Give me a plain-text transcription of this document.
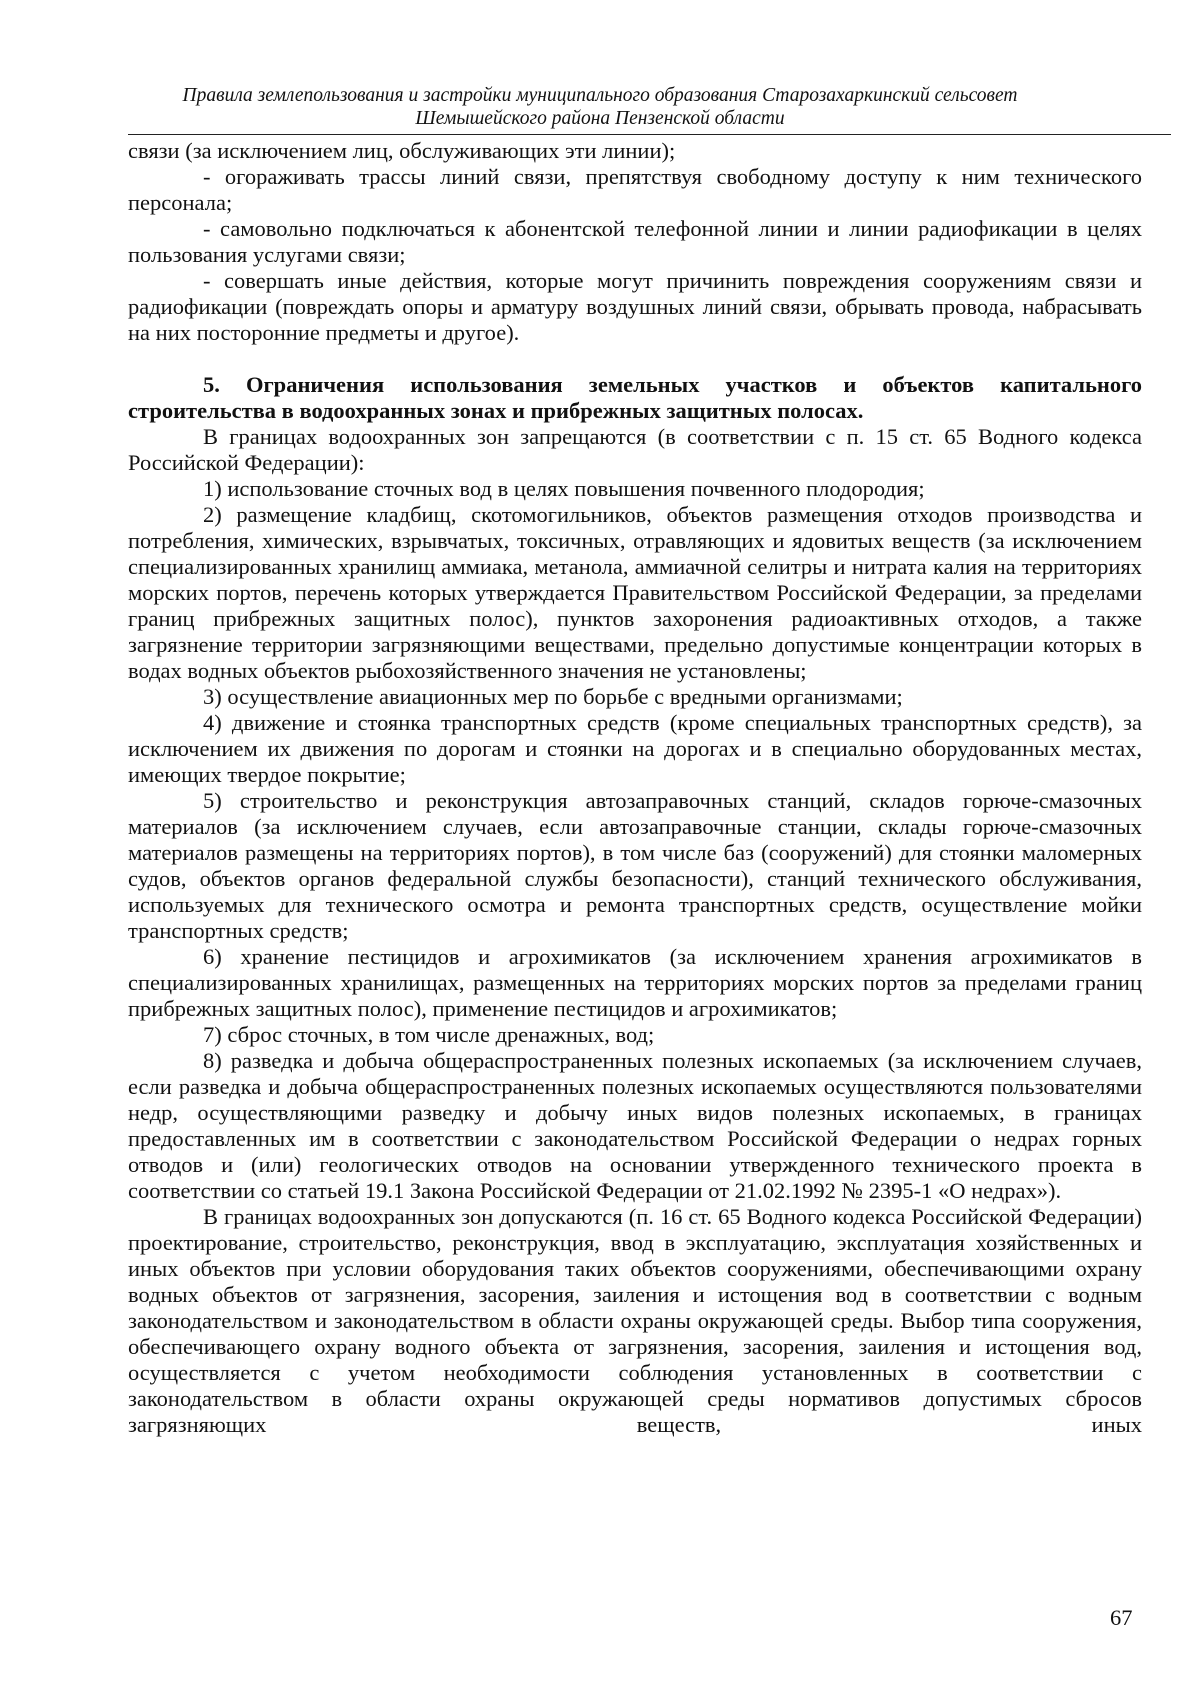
Правила землепользования и застройки муниципального образования Старозахаркинский сельсовет
Шемышейского района Пензенской области

связи (за исключением лиц, обслуживающих эти линии);

- огораживать трассы линий связи, препятствуя свободному доступу к ним технического персонала;

- самовольно подключаться к абонентской телефонной линии и линии радиофикации в целях пользования услугами связи;

- совершать иные действия, которые могут причинить повреждения сооружениям связи и радиофикации (повреждать опоры и арматуру воздушных линий связи, обрывать провода, набрасывать на них посторонние предметы и другое).

5. Ограничения использования земельных участков и объектов капитального строительства в водоохранных зонах и прибрежных защитных полосах.

В границах водоохранных зон запрещаются (в соответствии с п. 15 ст. 65 Водного кодекса Российской Федерации):

1) использование сточных вод в целях повышения почвенного плодородия;

2) размещение кладбищ, скотомогильников, объектов размещения отходов производства и потребления, химических, взрывчатых, токсичных, отравляющих и ядовитых веществ (за исключением специализированных хранилищ аммиака, метанола, аммиачной селитры и нитрата калия на территориях морских портов, перечень которых утверждается Правительством Российской Федерации, за пределами границ прибрежных защитных полос), пунктов захоронения радиоактивных отходов, а также загрязнение территории загрязняющими веществами, предельно допустимые концентрации которых в водах водных объектов рыбохозяйственного значения не установлены;

3) осуществление авиационных мер по борьбе с вредными организмами;

4) движение и стоянка транспортных средств (кроме специальных транспортных средств), за исключением их движения по дорогам и стоянки на дорогах и в специально оборудованных местах, имеющих твердое покрытие;

5) строительство и реконструкция автозаправочных станций, складов горюче-смазочных материалов (за исключением случаев, если автозаправочные станции, склады горюче-смазочных материалов размещены на территориях портов), в том числе баз (сооружений) для стоянки маломерных судов, объектов органов федеральной службы безопасности), станций технического обслуживания, используемых для технического осмотра и ремонта транспортных средств, осуществление мойки транспортных средств;

6) хранение пестицидов и агрохимикатов (за исключением хранения агрохимикатов в специализированных хранилищах, размещенных на территориях морских портов за пределами границ прибрежных защитных полос), применение пестицидов и агрохимикатов;

7) сброс сточных, в том числе дренажных, вод;

8) разведка и добыча общераспространенных полезных ископаемых (за исключением случаев, если разведка и добыча общераспространенных полезных ископаемых осуществляются пользователями недр, осуществляющими разведку и добычу иных видов полезных ископаемых, в границах предоставленных им в соответствии с законодательством Российской Федерации о недрах горных отводов и (или) геологических отводов на основании утвержденного технического проекта в соответствии со статьей 19.1 Закона Российской Федерации от 21.02.1992 № 2395-1 «О недрах»).

В границах водоохранных зон допускаются (п. 16 ст. 65 Водного кодекса Российской Федерации) проектирование, строительство, реконструкция, ввод в эксплуатацию, эксплуатация хозяйственных и иных объектов при условии оборудования таких объектов сооружениями, обеспечивающими охрану водных объектов от загрязнения, засорения, заиления и истощения вод в соответствии с водным законодательством и законодательством в области охраны окружающей среды. Выбор типа сооружения, обеспечивающего охрану водного объекта от загрязнения, засорения, заиления и истощения вод, осуществляется с учетом необходимости соблюдения установленных в соответствии с законодательством в области охраны окружающей среды нормативов допустимых сбросов загрязняющих веществ, иных

67
